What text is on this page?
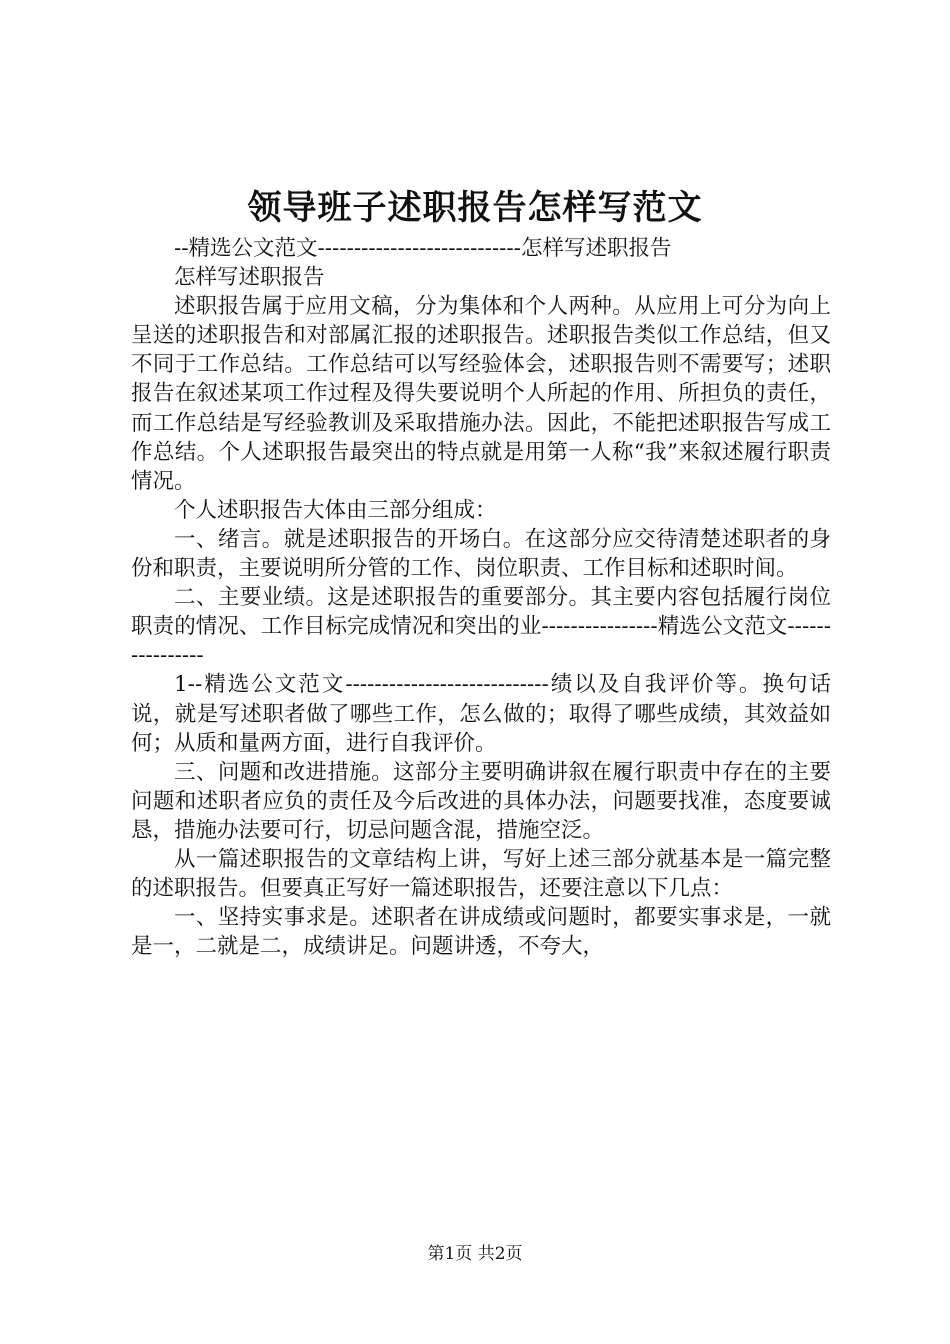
领导班子述职报告怎样写范文

--精选公文范文----------------------------怎样写述职报告

怎样写述职报告

述职报告属于应用文稿，分为集体和个人两种。从应用上可分为向上呈送的述职报告和对部属汇报的述职报告。述职报告类似工作总结，但又不同于工作总结。工作总结可以写经验体会，述职报告则不需要写；述职报告在叙述某项工作过程及得失要说明个人所起的作用、所担负的责任，而工作总结是写经验教训及采取措施办法。因此，不能把述职报告写成工作总结。个人述职报告最突出的特点就是用第一人称“我”来叙述履行职责情况。

个人述职报告大体由三部分组成：

一、绪言。就是述职报告的开场白。在这部分应交待清楚述职者的身份和职责，主要说明所分管的工作、岗位职责、工作目标和述职时间。

二、主要业绩。这是述职报告的重要部分。其主要内容包括履行岗位职责的情况、工作目标完成情况和突出的业----------------精选公文范文----------------

1--精选公文范文----------------------------绩以及自我评价等。换句话说，就是写述职者做了哪些工作，怎么做的；取得了哪些成绩，其效益如何；从质和量两方面，进行自我评价。

三、问题和改进措施。这部分主要明确讲叙在履行职责中存在的主要问题和述职者应负的责任及今后改进的具体办法，问题要找准，态度要诚恳，措施办法要可行，切忌问题含混，措施空泛。

从一篇述职报告的文章结构上讲，写好上述三部分就基本是一篇完整的述职报告。但要真正写好一篇述职报告，还要注意以下几点：

一、坚持实事求是。述职者在讲成绩或问题时，都要实事求是，一就是一，二就是二，成绩讲足。问题讲透，不夸大，

第1页 共2页
